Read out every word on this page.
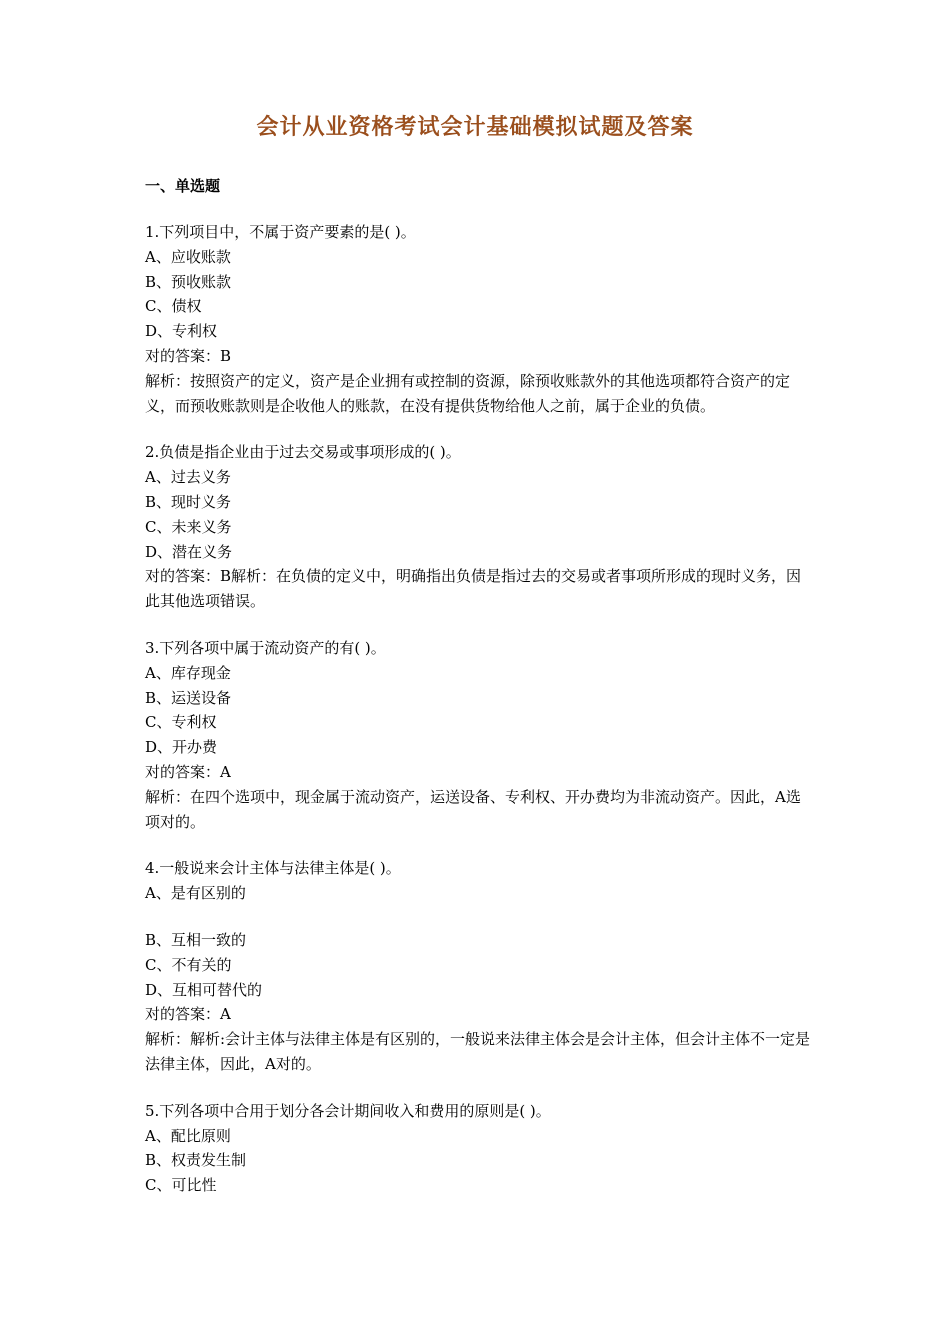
会计从业资格考试会计基础模拟试题及答案
一、单选题
1.下列项目中，不属于资产要素的是( )。
A、应收账款
B、预收账款
C、债权
D、专利权
对的答案：B
解析：按照资产的定义，资产是企业拥有或控制的资源，除预收账款外的其他选项都符合资产的定义，而预收账款则是企收他人的账款，在没有提供货物给他人之前，属于企业的负债。
2.负债是指企业由于过去交易或事项形成的( )。
A、过去义务
B、现时义务
C、未来义务
D、潜在义务
对的答案：B解析：在负债的定义中，明确指出负债是指过去的交易或者事项所形成的现时义务，因此其他选项错误。
3.下列各项中属于流动资产的有( )。
A、库存现金
B、运送设备
C、专利权
D、开办费
对的答案：A
解析：在四个选项中，现金属于流动资产，运送设备、专利权、开办费均为非流动资产。因此，A选项对的。
4.一般说来会计主体与法律主体是( )。
A、是有区别的
B、互相一致的
C、不有关的
D、互相可替代的
对的答案：A
解析：解析:会计主体与法律主体是有区别的，一般说来法律主体会是会计主体，但会计主体不一定是法律主体，因此，A对的。
5.下列各项中合用于划分各会计期间收入和费用的原则是( )。
A、配比原则
B、权责发生制
C、可比性
